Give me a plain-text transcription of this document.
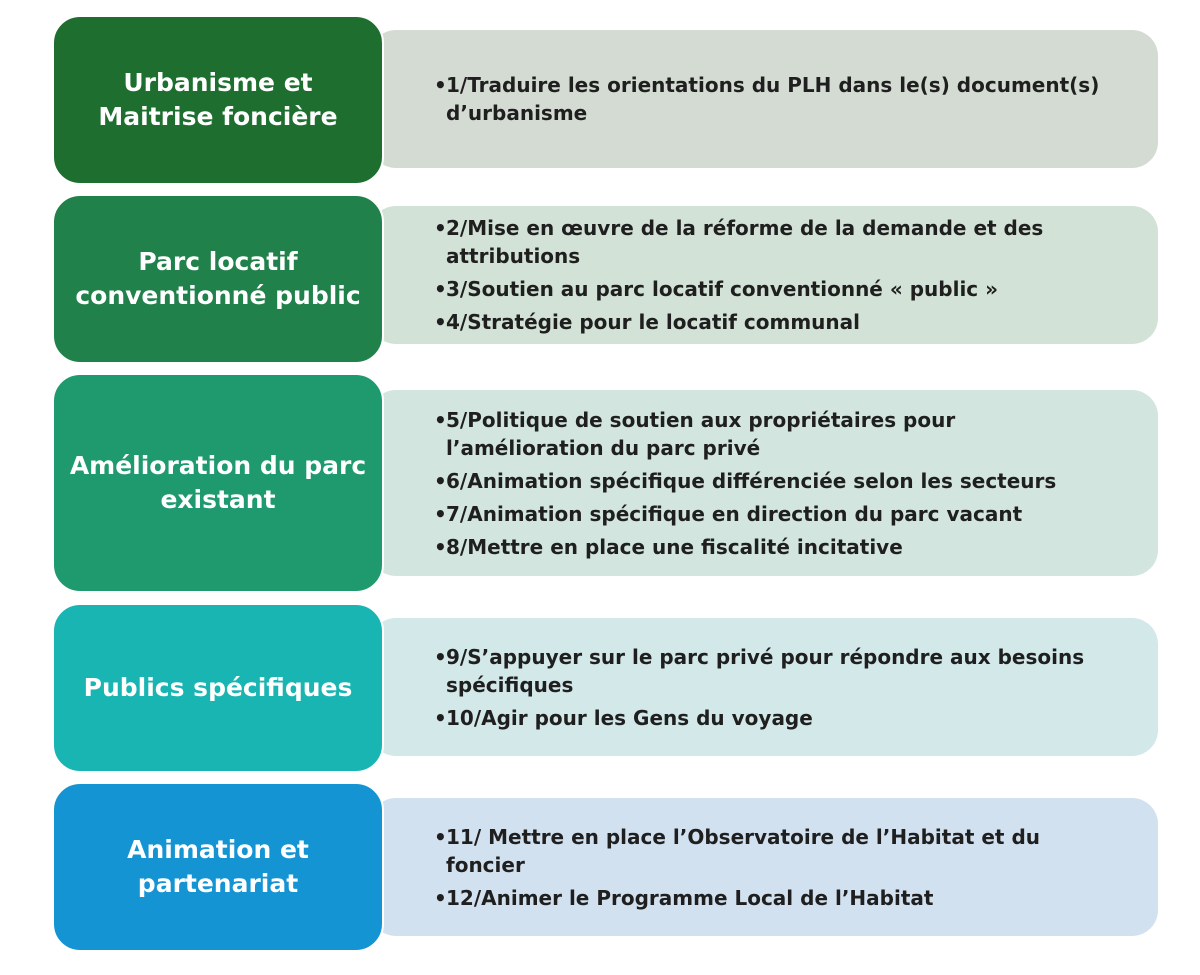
• 1/Traduire les orientations du PLH dans le(s) document(s) d’urbanisme
Urbanisme et Maitrise foncière
• 2/Mise en œuvre de la réforme de la demande et des attributions
• 3/Soutien au parc locatif conventionné « public »
• 4/Stratégie pour le locatif communal
Parc locatif conventionné public
• 5/Politique de soutien aux propriétaires pour l’amélioration du parc privé
• 6/Animation spécifique différenciée selon les secteurs
• 7/Animation spécifique en direction du parc vacant
• 8/Mettre en place une fiscalité incitative
Amélioration du parc existant
• 9/S’appuyer sur le parc privé pour répondre aux besoins spécifiques
• 10/Agir pour les Gens du voyage
Publics spécifiques
• 11/ Mettre en place l’Observatoire de l’Habitat et du foncier
• 12/Animer le Programme Local de l’Habitat
Animation et partenariat
